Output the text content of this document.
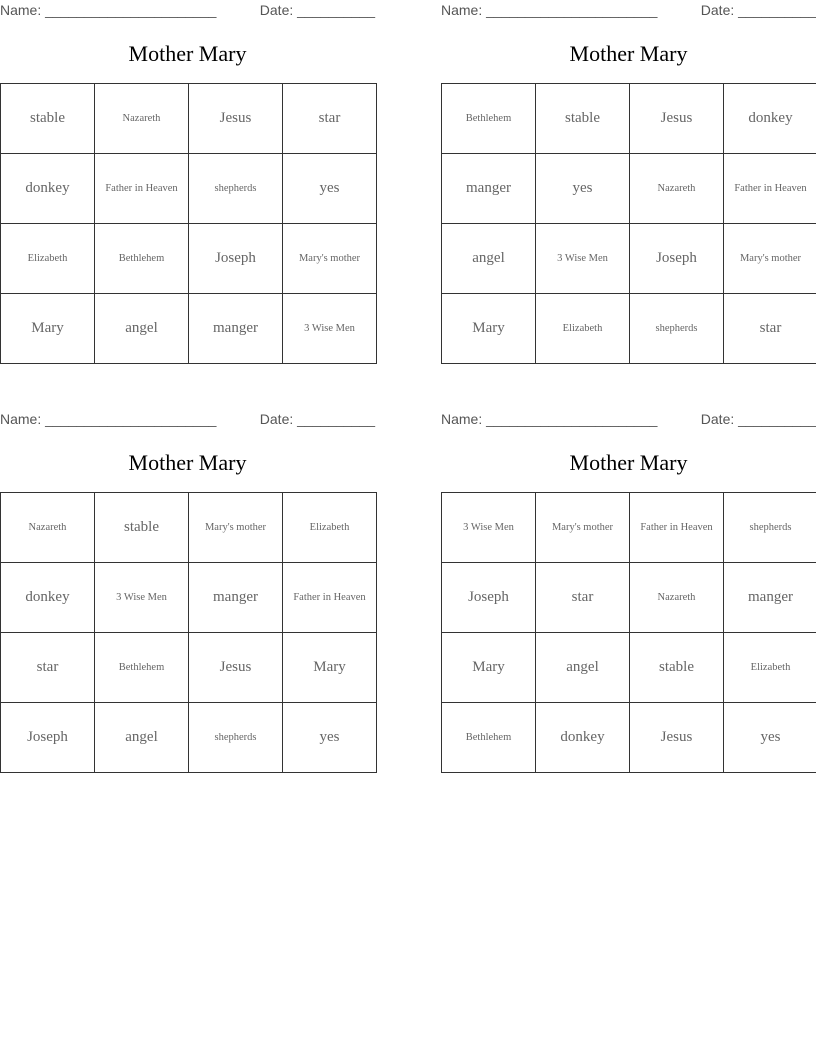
Name: ______________________	Date: __________
Mother Mary
stable	Nazareth	Jesus	star
donkey	Father in Heaven	shepherds	yes
Elizabeth	Bethlehem	Joseph	Mary's mother
Mary	angel	manger	3 Wise Men
Name: ______________________	Date: __________
Mother Mary
Bethlehem	stable	Jesus	donkey
manger	yes	Nazareth	Father in Heaven
angel	3 Wise Men	Joseph	Mary's mother
Mary	Elizabeth	shepherds	star
Name: ______________________	Date: __________
Mother Mary
Nazareth	stable	Mary's mother	Elizabeth
donkey	3 Wise Men	manger	Father in Heaven
star	Bethlehem	Jesus	Mary
Joseph	angel	shepherds	yes
Name: ______________________	Date: __________
Mother Mary
3 Wise Men	Mary's mother	Father in Heaven	shepherds
Joseph	star	Nazareth	manger
Mary	angel	stable	Elizabeth
Bethlehem	donkey	Jesus	yes
